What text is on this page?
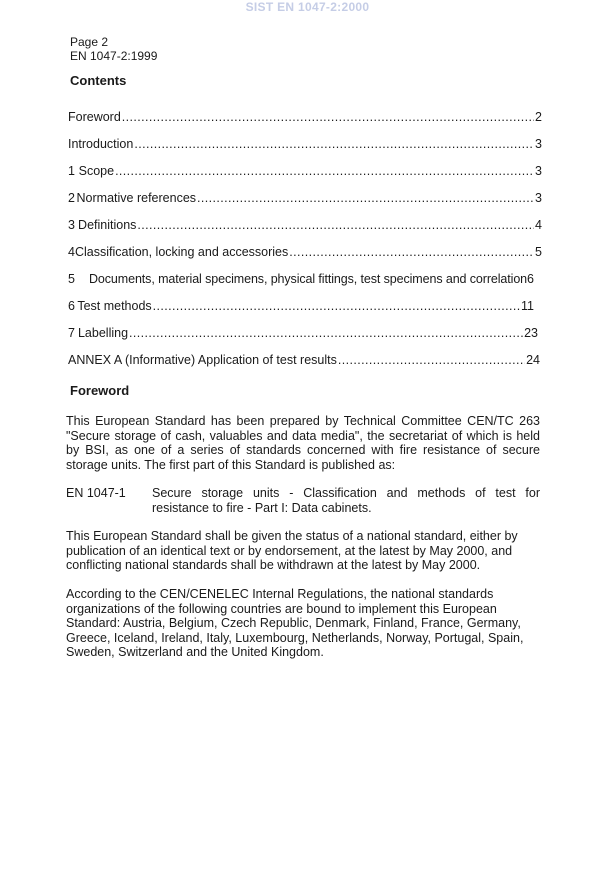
SIST EN 1047-2:2000
Page 2
EN 1047-2:1999
Contents
Foreword .....	2
Introduction .....	3
1 Scope .....	3
2 Normative references .....	3
3 Definitions .....	4
4 Classification, locking and accessories .....	5
5	Documents, material specimens, physical fittings, test specimens and correlation 6
6 Test methods .....	11
7 Labelling .....	23
ANNEX A (Informative) Application of test results .....	24
Foreword
This European Standard has been prepared by Technical Committee CEN/TC 263 "Secure storage of cash, valuables and data media", the secretariat of which is held by BSI, as one of a series of standards concerned with fire resistance of secure storage units. The first part of this Standard is published as:
EN 1047-1	Secure storage units - Classification and methods of test for resistance to fire - Part I: Data cabinets.
This European Standard shall be given the status of a national standard, either by publication of an identical text or by endorsement, at the latest by May 2000, and conflicting national standards shall be withdrawn at the latest by May 2000.
According to the CEN/CENELEC Internal Regulations, the national standards organizations of the following countries are bound to implement this European Standard: Austria, Belgium, Czech Republic, Denmark, Finland, France, Germany, Greece, Iceland, Ireland, Italy, Luxembourg, Netherlands, Norway, Portugal, Spain, Sweden, Switzerland and the United Kingdom.
